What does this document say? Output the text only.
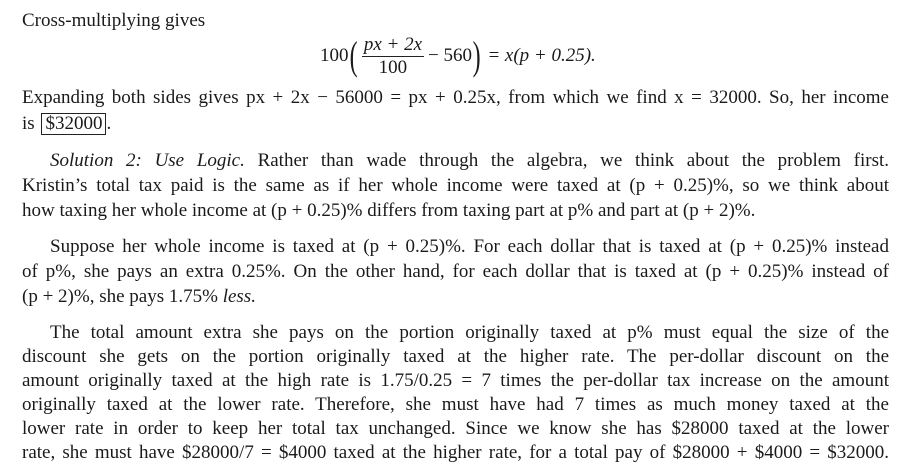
Cross-multiplying gives
100 ( $\frac{px + 2x}{100} - 560$ ) = x(p + 0.25).
Expanding both sides gives px + 2x − 56000 = px + 0.25x, from which we find x = 32000. So, her income
is $32000 .
Solution 2: Use Logic. Rather than wade through the algebra, we think about the problem first.
Kristin’s total tax paid is the same as if her whole income were taxed at (p + 0.25)%, so we think about
how taxing her whole income at (p + 0.25)% differs from taxing part at p% and part at (p + 2)%.
Suppose her whole income is taxed at (p + 0.25)%. For each dollar that is taxed at (p + 0.25)% instead
of p%, she pays an extra 0.25%. On the other hand, for each dollar that is taxed at (p + 0.25)% instead of
(p + 2)%, she pays 1.75% less.
The total amount extra she pays on the portion originally taxed at p% must equal the size of the
discount she gets on the portion originally taxed at the higher rate. The per-dollar discount on the
amount originally taxed at the high rate is 1.75/0.25 = 7 times the per-dollar tax increase on the amount
originally taxed at the lower rate. Therefore, she must have had 7 times as much money taxed at the
lower rate in order to keep her total tax unchanged. Since we know she has $28000 taxed at the lower
rate, she must have $28000/7 = $4000 taxed at the higher rate, for a total pay of $28000 + $4000 = $32000.
